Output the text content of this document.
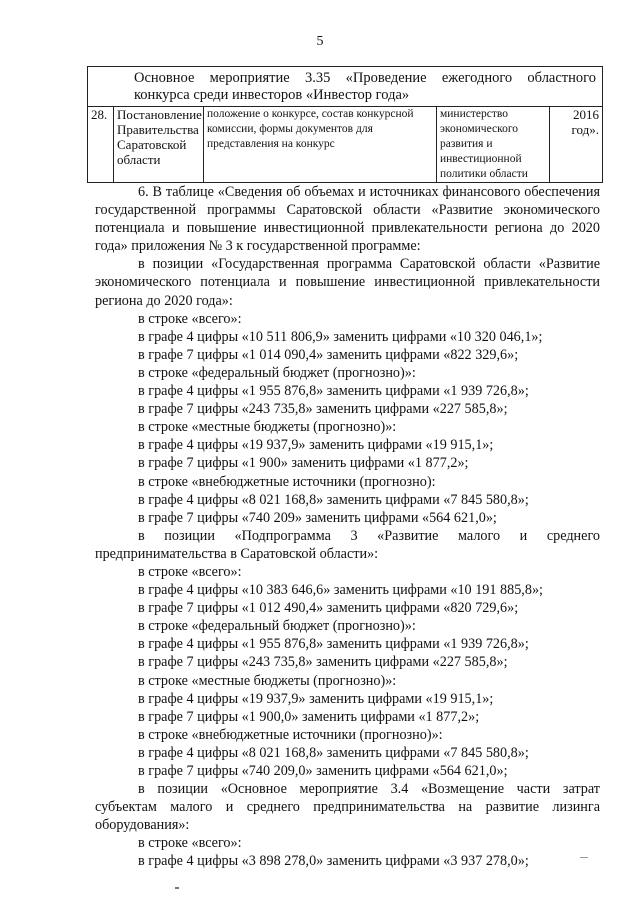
5
Основное мероприятие 3.35 «Проведение ежегодного областного конкурса среди инвесторов «Инвестор года»
28.	Постановление Правительства Саратовской области	положение о конкурсе, состав конкурсной комиссии, формы документов для представления на конкурс	министерство экономического развития и инвестиционной политики области	2016 год».

6. В таблице «Сведения об объемах и источниках финансового обеспечения государственной программы Саратовской области «Развитие экономического потенциала и повышение инвестиционной привлекательности региона до 2020 года» приложения № 3 к государственной программе:

в позиции «Государственная программа Саратовской области «Развитие экономического потенциала и повышение инвестиционной привлекательности региона до 2020 года»:

в строке «всего»:

в графе 4 цифры «10 511 806,9» заменить цифрами «10 320 046,1»;

в графе 7 цифры «1 014 090,4» заменить цифрами «822 329,6»;

в строке «федеральный бюджет (прогнозно)»:

в графе 4 цифры «1 955 876,8» заменить цифрами «1 939 726,8»;

в графе 7 цифры «243 735,8» заменить цифрами «227 585,8»;

в строке «местные бюджеты (прогнозно)»:

в графе 4 цифры «19 937,9» заменить цифрами «19 915,1»;

в графе 7 цифры «1 900» заменить цифрами «1 877,2»;

в строке «внебюджетные источники (прогнозно):

в графе 4 цифры «8 021 168,8» заменить цифрами «7 845 580,8»;

в графе 7 цифры «740 209» заменить цифрами «564 621,0»;

в позиции «Подпрограмма 3 «Развитие малого и среднего предпринимательства в Саратовской области»:

в строке «всего»:

в графе 4 цифры «10 383 646,6» заменить цифрами «10 191 885,8»;

в графе 7 цифры «1 012 490,4» заменить цифрами «820 729,6»;

в строке «федеральный бюджет (прогнозно)»:

в графе 4 цифры «1 955 876,8» заменить цифрами «1 939 726,8»;

в графе 7 цифры «243 735,8» заменить цифрами «227 585,8»;

в строке «местные бюджеты (прогнозно)»:

в графе 4 цифры «19 937,9» заменить цифрами «19 915,1»;

в графе 7 цифры «1 900,0» заменить цифрами «1 877,2»;

в строке «внебюджетные источники (прогнозно)»:

в графе 4 цифры «8 021 168,8» заменить цифрами «7 845 580,8»;

в графе 7 цифры «740 209,0» заменить цифрами «564 621,0»;

в позиции «Основное мероприятие 3.4 «Возмещение части затрат субъектам малого и среднего предпринимательства на развитие лизинга оборудования»:

в строке «всего»:

в графе 4 цифры «3 898 278,0» заменить цифрами «3 937 278,0»;
